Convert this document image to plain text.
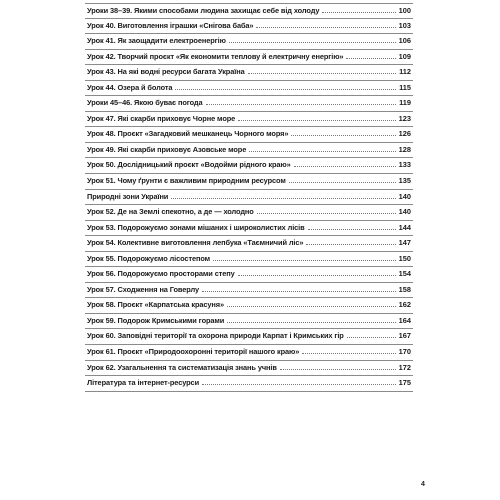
Уроки 38–39. Якими способами людина захищає себе від холоду	100
Урок 40. Виготовлення іграшки «Снігова баба»	103
Урок 41. Як заощадити електроенергію	106
Урок 42. Творчий проєкт «Як економити теплову й електричну енергію»	109
Урок 43. На які водні ресурси багата Україна	112
Урок 44. Озера й болота	115
Уроки 45–46. Якою буває погода	119
Урок 47. Які скарби приховує Чорне море	123
Урок 48. Проєкт «Загадковий мешканець Чорного моря»	126
Урок 49. Які скарби приховує Азовське море	128
Урок 50. Дослідницький проєкт «Водойми рідного краю»	133
Урок 51. Чому ґрунти є важливим природним ресурсом	135
Природні зони України	140
Урок 52. Де на Землі спекотно, а де — холодно	140
Урок 53. Подорожуємо зонами мішаних і широколистих лісів	144
Урок 54. Колективне виготовлення лепбука «Таємничий ліс»	147
Урок 55. Подорожуємо лісостепом	150
Урок 56. Подорожуємо просторами степу	154
Урок 57. Сходження на Говерлу	158
Урок 58. Проєкт «Карпатська красуня»	162
Урок 59. Подорож Кримськими горами	164
Урок 60. Заповідні території та охорона природи Карпат і Кримських гір	167
Урок 61. Проєкт «Природоохоронні території нашого краю»	170
Урок 62. Узагальнення та систематизація знань учнів	172
Література та інтернет-ресурси	175
4
